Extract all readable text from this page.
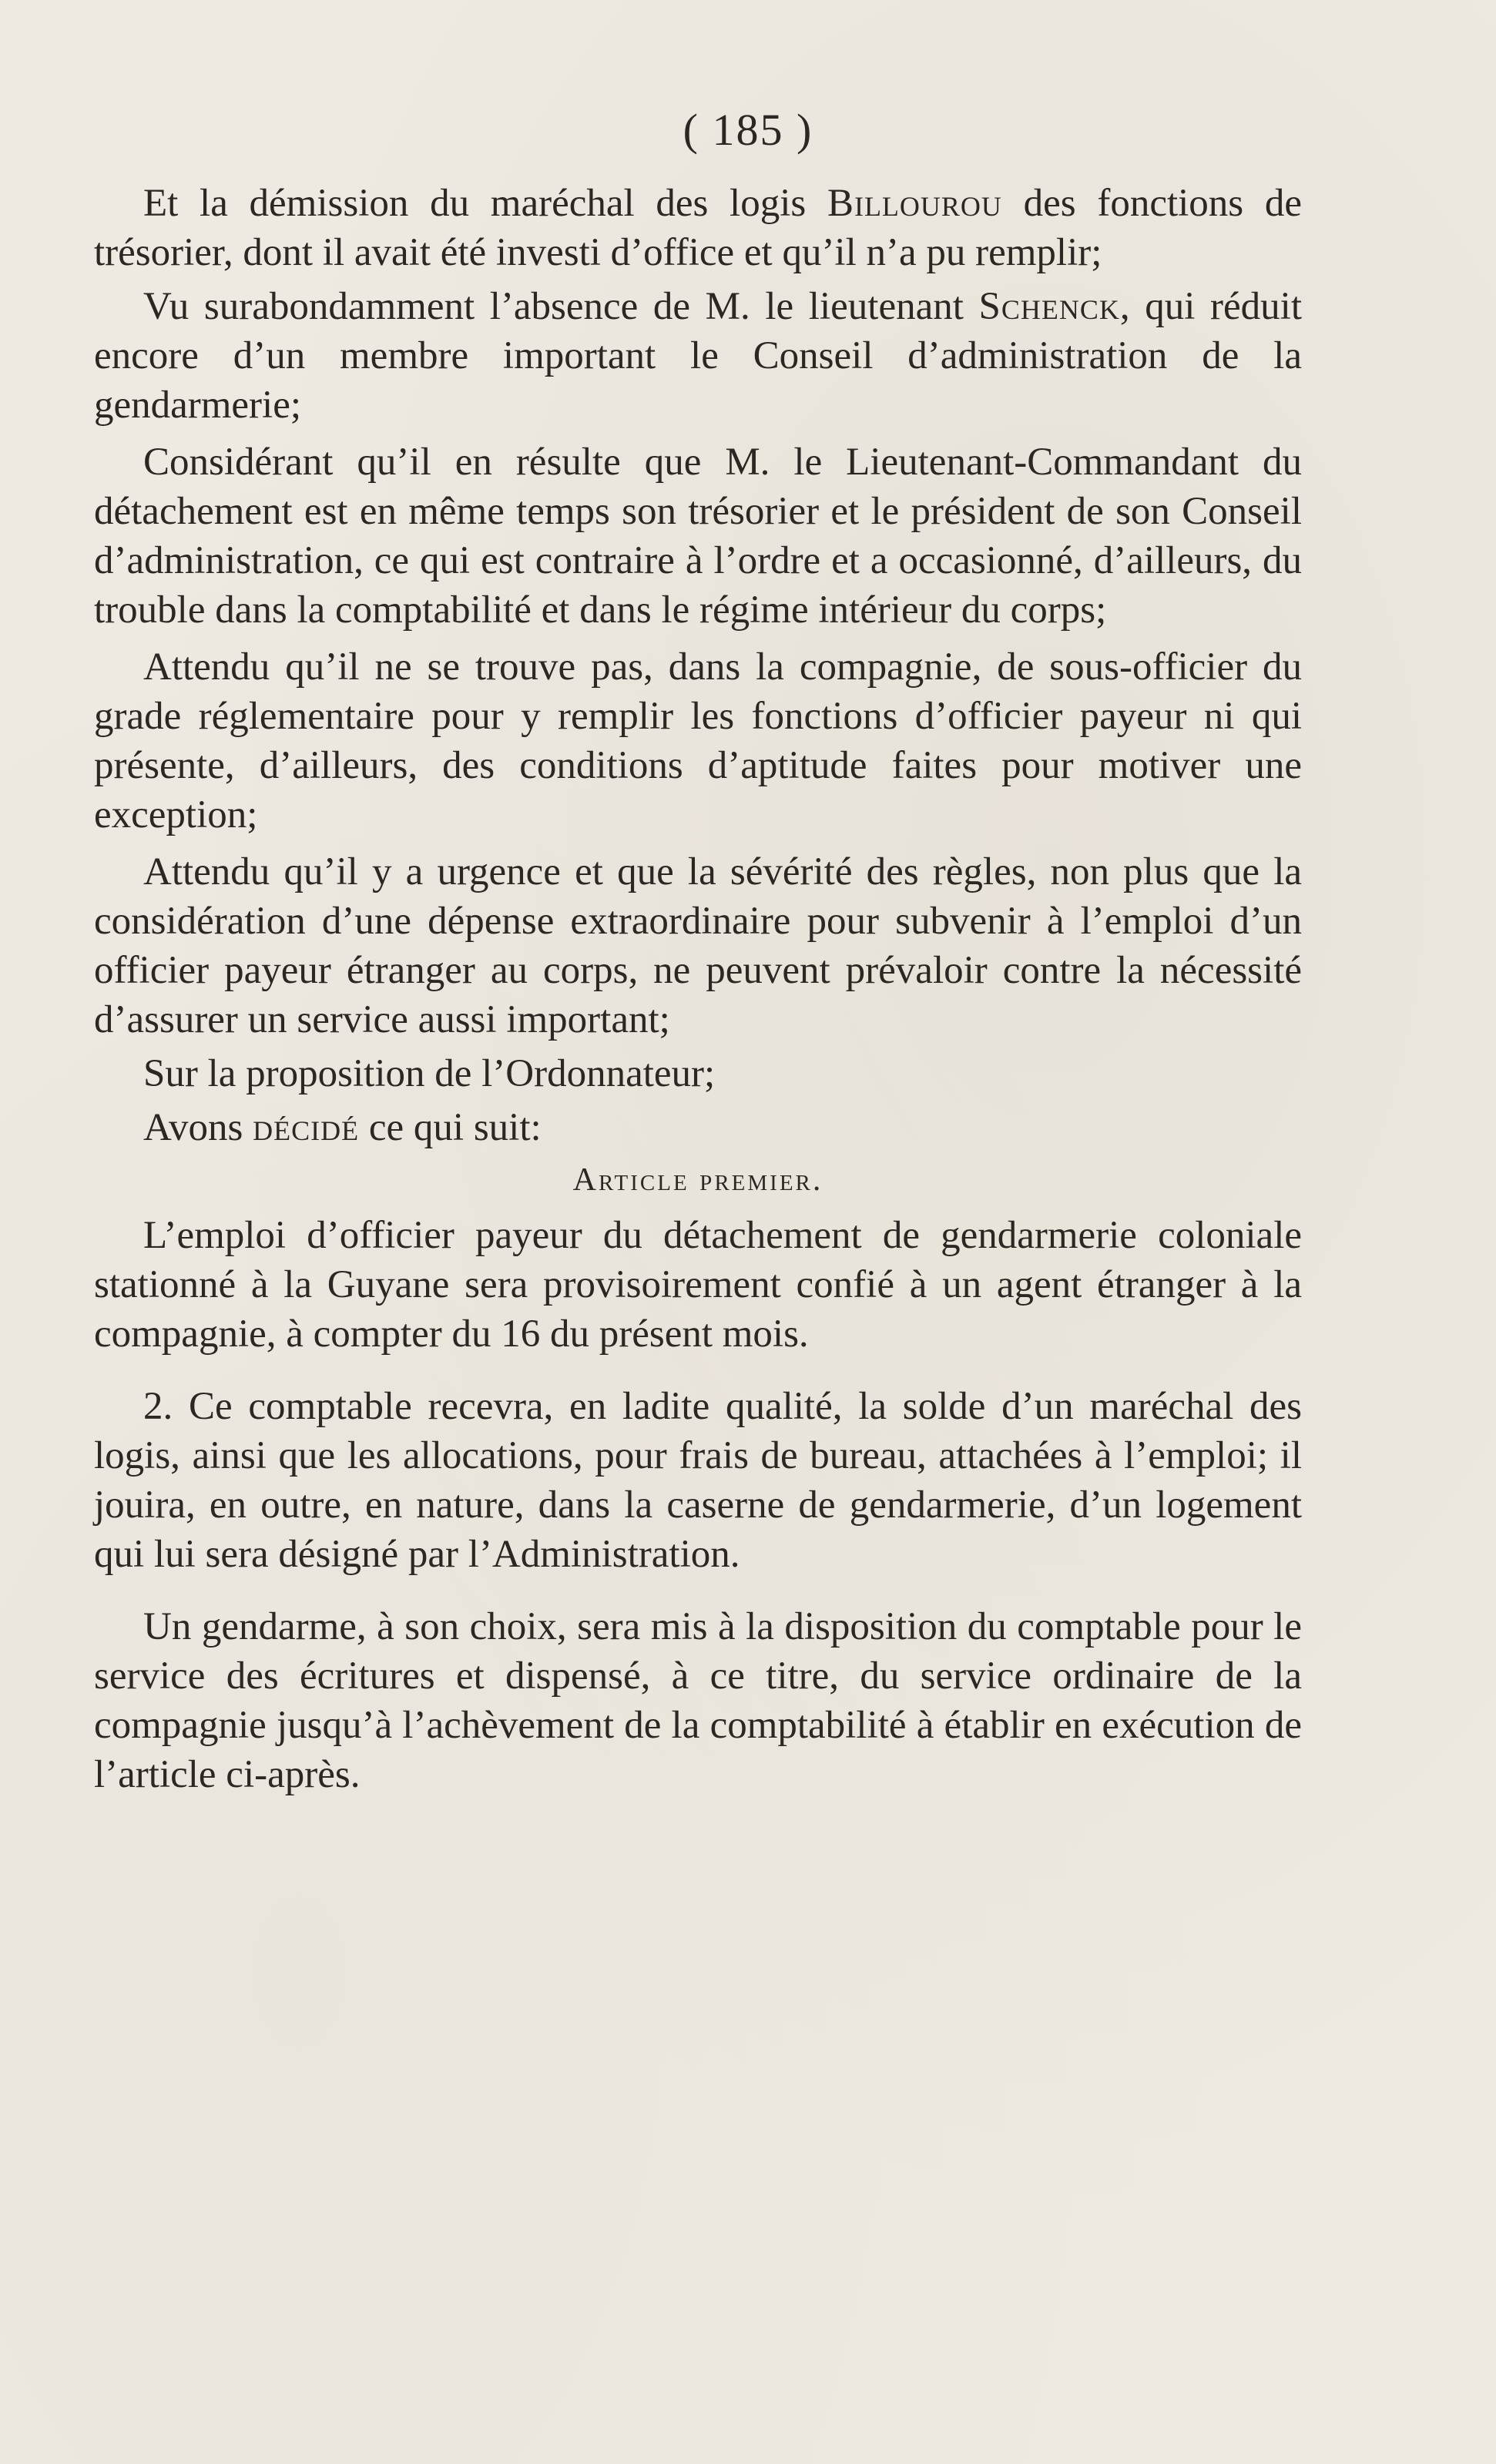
( 185 )

Et la démission du maréchal des logis Billourou des fonctions de trésorier, dont il avait été investi d’office et qu’il n’a pu remplir;

Vu surabondamment l’absence de M. le lieutenant Schenck, qui réduit encore d’un membre important le Conseil d’administration de la gendarmerie;

Considérant qu’il en résulte que M. le Lieutenant-Commandant du détachement est en même temps son trésorier et le président de son Conseil d’administration, ce qui est contraire à l’ordre et a occasionné, d’ailleurs, du trouble dans la comptabilité et dans le régime intérieur du corps;

Attendu qu’il ne se trouve pas, dans la compagnie, de sous-officier du grade réglementaire pour y remplir les fonctions d’officier payeur ni qui présente, d’ailleurs, des conditions d’aptitude faites pour motiver une exception;

Attendu qu’il y a urgence et que la sévérité des règles, non plus que la considération d’une dépense extraordinaire pour subvenir à l’emploi d’un officier payeur étranger au corps, ne peuvent prévaloir contre la nécessité d’assurer un service aussi important;

Sur la proposition de l’Ordonnateur;

Avons décidé ce qui suit:

Article premier.

L’emploi d’officier payeur du détachement de gendarmerie coloniale stationné à la Guyane sera provisoirement confié à un agent étranger à la compagnie, à compter du 16 du présent mois.

2. Ce comptable recevra, en ladite qualité, la solde d’un maréchal des logis, ainsi que les allocations, pour frais de bureau, attachées à l’emploi; il jouira, en outre, en nature, dans la caserne de gendarmerie, d’un logement qui lui sera désigné par l’Administration.

Un gendarme, à son choix, sera mis à la disposition du comptable pour le service des écritures et dispensé, à ce titre, du service ordinaire de la compagnie jusqu’à l’achèvement de la comptabilité à établir en exécution de l’article ci-après.
